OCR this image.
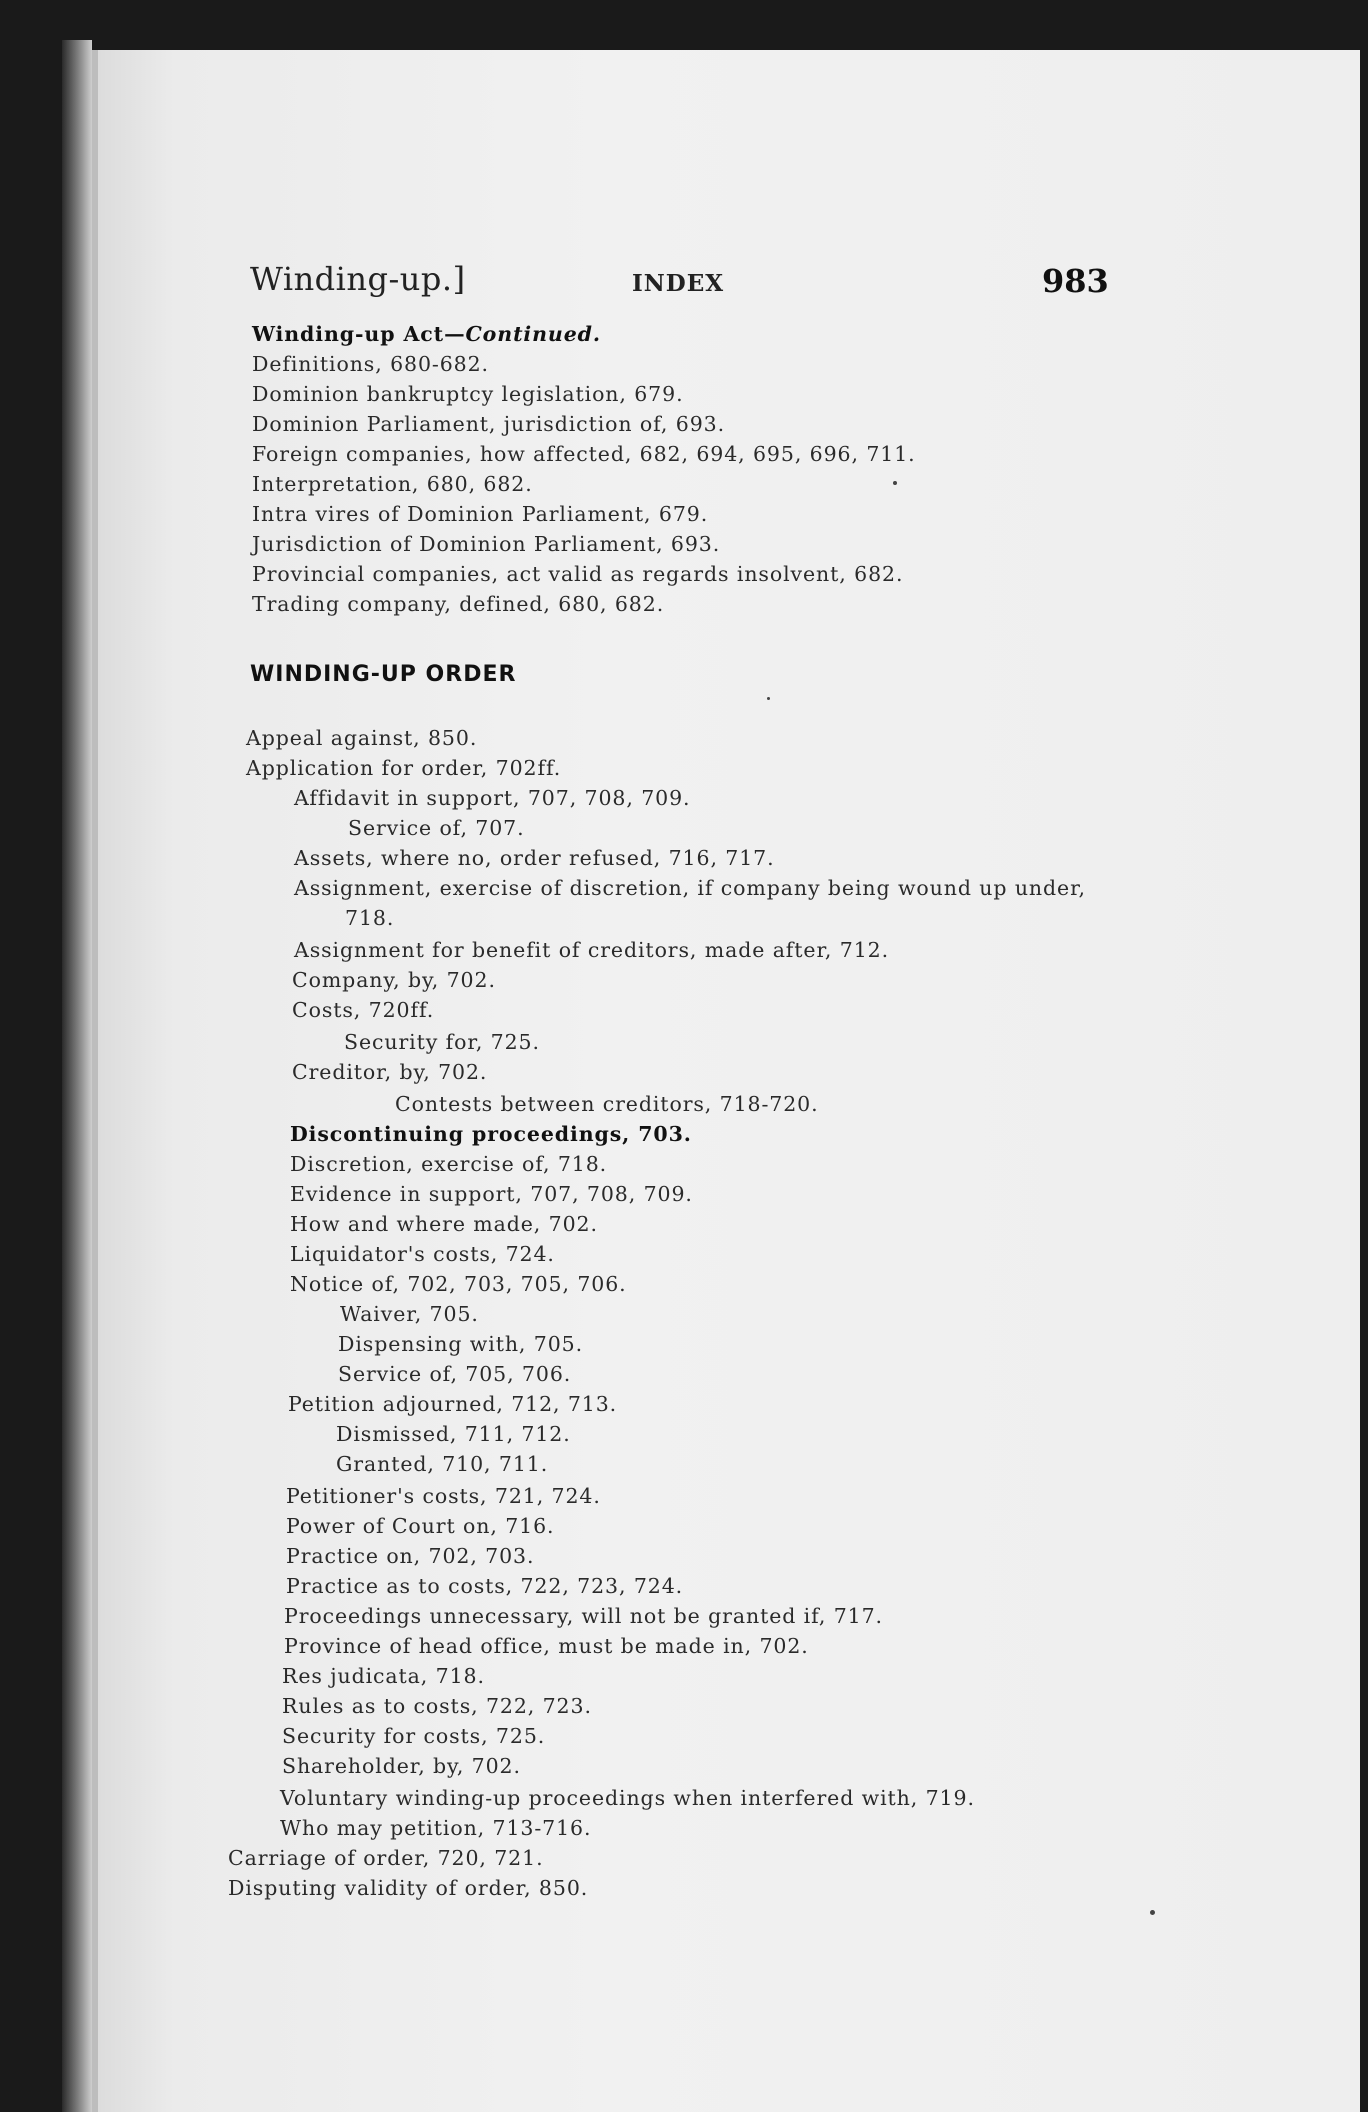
Winding-up.]	INDEX	983
Winding-up Act—Continued.
Definitions, 680-682.
Dominion bankruptcy legislation, 679.
Dominion Parliament, jurisdiction of, 693.
Foreign companies, how affected, 682, 694, 695, 696, 711.
Interpretation, 680, 682.
Intra vires of Dominion Parliament, 679.
Jurisdiction of Dominion Parliament, 693.
Provincial companies, act valid as regards insolvent, 682.
Trading company, defined, 680, 682.
WINDING-UP ORDER
Appeal against, 850.
Application for order, 702ff.
Affidavit in support, 707, 708, 709.
Service of, 707.
Assets, where no, order refused, 716, 717.
Assignment, exercise of discretion, if company being wound up under,
718.
Assignment for benefit of creditors, made after, 712.
Company, by, 702.
Costs, 720ff.
Security for, 725.
Creditor, by, 702.
Contests between creditors, 718-720.
Discontinuing proceedings, 703.
Discretion, exercise of, 718.
Evidence in support, 707, 708, 709.
How and where made, 702.
Liquidator's costs, 724.
Notice of, 702, 703, 705, 706.
Waiver, 705.
Dispensing with, 705.
Service of, 705, 706.
Petition adjourned, 712, 713.
Dismissed, 711, 712.
Granted, 710, 711.
Petitioner's costs, 721, 724.
Power of Court on, 716.
Practice on, 702, 703.
Practice as to costs, 722, 723, 724.
Proceedings unnecessary, will not be granted if, 717.
Province of head office, must be made in, 702.
Res judicata, 718.
Rules as to costs, 722, 723.
Security for costs, 725.
Shareholder, by, 702.
Voluntary winding-up proceedings when interfered with, 719.
Who may petition, 713-716.
Carriage of order, 720, 721.
Disputing validity of order, 850.
